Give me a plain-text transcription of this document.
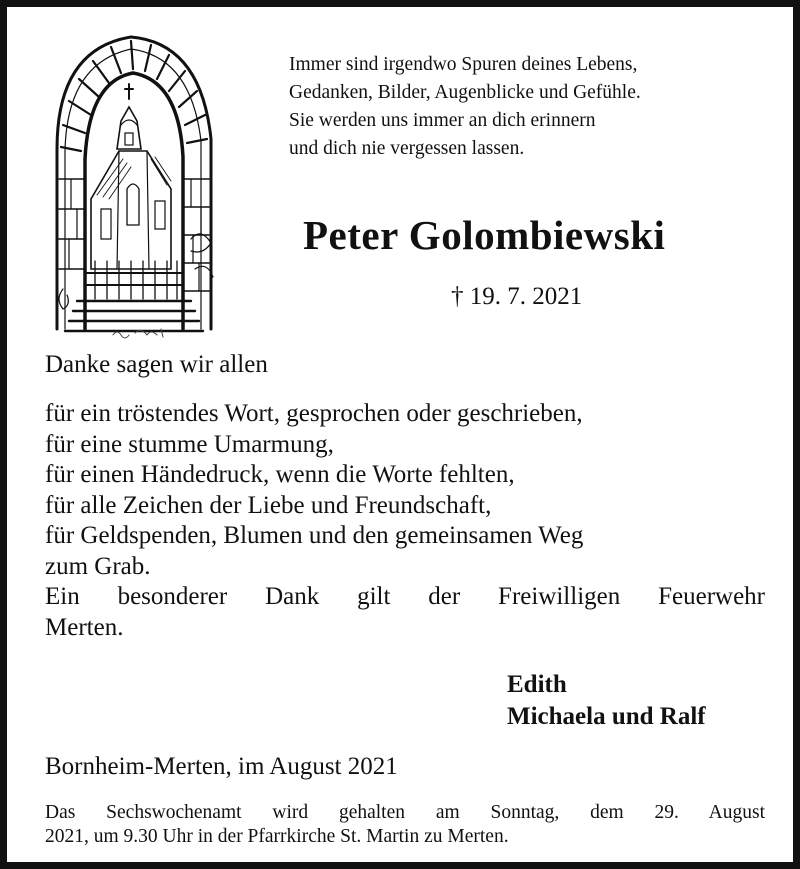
Immer sind irgendwo Spuren deines Lebens,
Gedanken, Bilder, Augenblicke und Gefühle.
Sie werden uns immer an dich erinnern
und dich nie vergessen lassen.
Peter Golombiewski
† 19. 7. 2021
Danke sagen wir allen
für ein tröstendes Wort, gesprochen oder geschrieben,
für eine stumme Umarmung,
für einen Händedruck, wenn die Worte fehlten,
für alle Zeichen der Liebe und Freundschaft,
für Geldspenden, Blumen und den gemeinsamen Weg
zum Grab.
Ein besonderer Dank gilt der Freiwilligen Feuerwehr
Merten.
Edith
Michaela und Ralf
Bornheim-Merten, im August 2021
Das Sechswochenamt wird gehalten am Sonntag, dem 29. August
2021, um 9.30 Uhr in der Pfarrkirche St. Martin zu Merten.
